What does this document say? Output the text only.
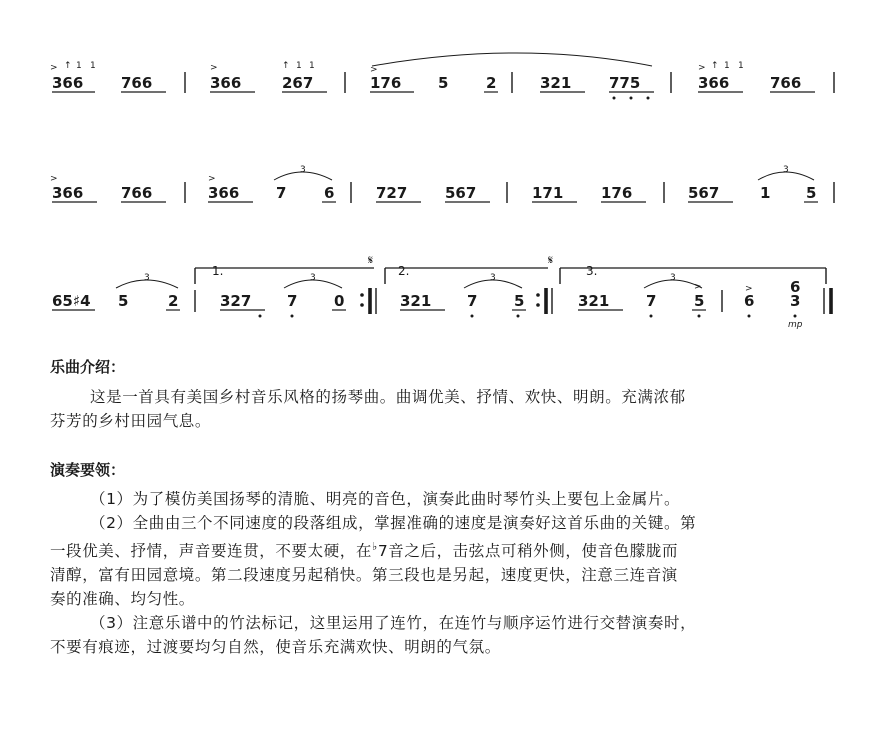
> ↑ 1 1
366	766
>
366
↑ 1 1
267
>
176 5	2	321	775
> ↑ 1 1
366	766
>
366	766
>
366
3
7	6	727	567	171	176	567
3
1 5
1.
𝄋
2.
𝄋
3.
65♯4
3
5	2	327
3
7 0	321
3
7 5	321
3
>
7	5
>
6
6
3
mp

乐曲介绍：

这是一首具有美国乡村音乐风格的扬琴曲。曲调优美、抒情、欢快、明朗。充满浓郁

芬芳的乡村田园气息。

演奏要领：

（1）为了模仿美国扬琴的清脆、明亮的音色，演奏此曲时琴竹头上要包上金属片。

（2）全曲由三个不同速度的段落组成，掌握准确的速度是演奏好这首乐曲的关键。第

一段优美、抒情，声音要连贯，不要太硬，在♭7音之后，击弦点可稍外侧，使音色朦胧而

清醇，富有田园意境。第二段速度另起稍快。第三段也是另起，速度更快，注意三连音演

奏的准确、均匀性。

（3）注意乐谱中的竹法标记，这里运用了连竹，在连竹与顺序运竹进行交替演奏时，

不要有痕迹，过渡要均匀自然，使音乐充满欢快、明朗的气氛。
